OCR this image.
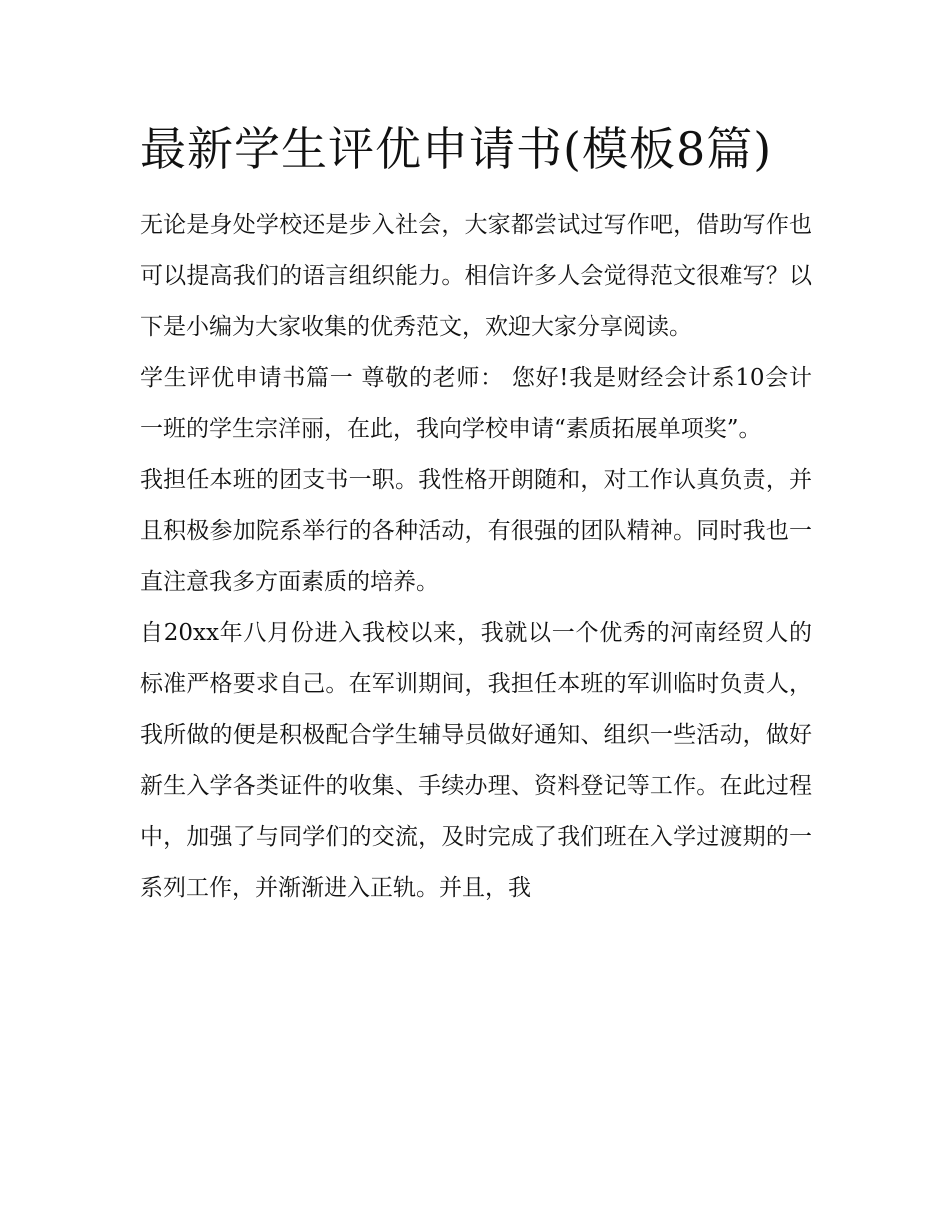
最新学生评优申请书(模板8篇)

无论是身处学校还是步入社会，大家都尝试过写作吧，借助写作也可以提高我们的语言组织能力。相信许多人会觉得范文很难写？以下是小编为大家收集的优秀范文，欢迎大家分享阅读。

学生评优申请书篇一 尊敬的老师： 您好!我是财经会计系10会计一班的学生宗洋丽，在此，我向学校申请“素质拓展单项奖”。

我担任本班的团支书一职。我性格开朗随和，对工作认真负责，并且积极参加院系举行的各种活动，有很强的团队精神。同时我也一直注意我多方面素质的培养。

自20xx年八月份进入我校以来，我就以一个优秀的河南经贸人的标准严格要求自己。在军训期间，我担任本班的军训临时负责人，我所做的便是积极配合学生辅导员做好通知、组织一些活动，做好新生入学各类证件的收集、手续办理、资料登记等工作。在此过程中，加强了与同学们的交流，及时完成了我们班在入学过渡期的一系列工作，并渐渐进入正轨。并且，我
